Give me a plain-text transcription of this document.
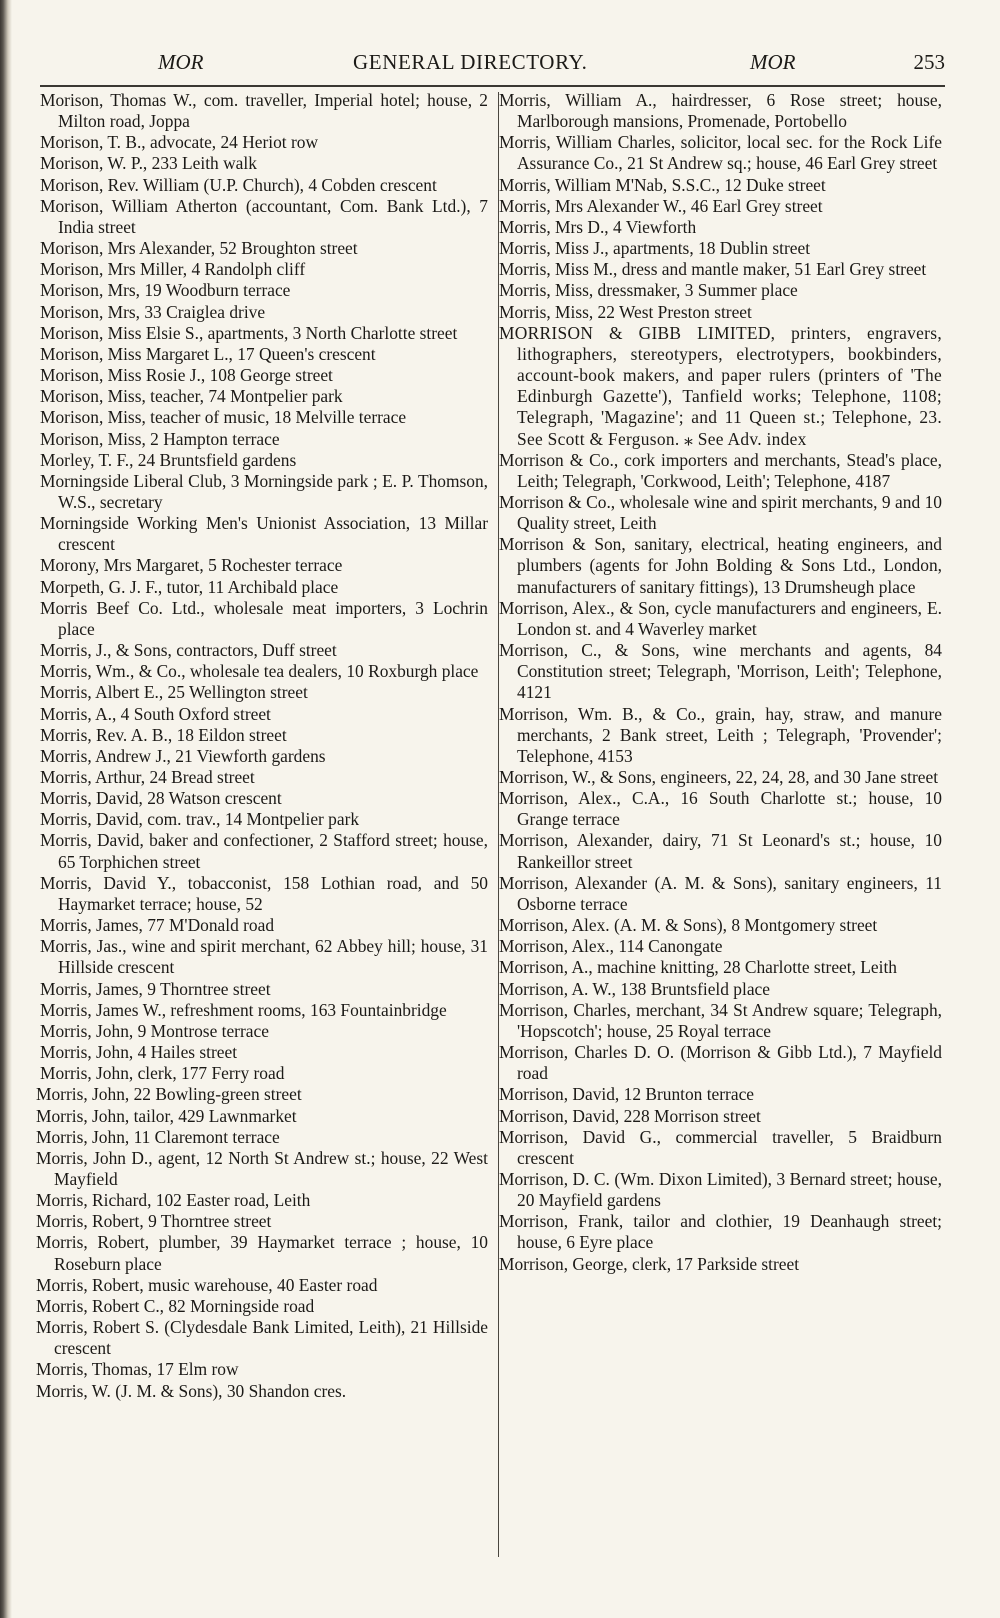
MOR	GENERAL DIRECTORY.	MOR	253

Morison, Thomas W., com. traveller, Imperial hotel; house, 2 Milton road, Joppa

Morison, T. B., advocate, 24 Heriot row

Morison, W. P., 233 Leith walk

Morison, Rev. William (U.P. Church), 4 Cobden crescent

Morison, William Atherton (accountant, Com. Bank Ltd.), 7 India street

Morison, Mrs Alexander, 52 Broughton street

Morison, Mrs Miller, 4 Randolph cliff

Morison, Mrs, 19 Woodburn terrace

Morison, Mrs, 33 Craiglea drive

Morison, Miss Elsie S., apartments, 3 North Charlotte street

Morison, Miss Margaret L., 17 Queen's crescent

Morison, Miss Rosie J., 108 George street

Morison, Miss, teacher, 74 Montpelier park

Morison, Miss, teacher of music, 18 Melville terrace

Morison, Miss, 2 Hampton terrace

Morley, T. F., 24 Bruntsfield gardens

Morningside Liberal Club, 3 Morningside park ; E. P. Thomson, W.S., secretary

Morningside Working Men's Unionist Association, 13 Millar crescent

Morony, Mrs Margaret, 5 Rochester terrace

Morpeth, G. J. F., tutor, 11 Archibald place

Morris Beef Co. Ltd., wholesale meat importers, 3 Lochrin place

Morris, J., & Sons, contractors, Duff street

Morris, Wm., & Co., wholesale tea dealers, 10 Roxburgh place

Morris, Albert E., 25 Wellington street

Morris, A., 4 South Oxford street

Morris, Rev. A. B., 18 Eildon street

Morris, Andrew J., 21 Viewforth gardens

Morris, Arthur, 24 Bread street

Morris, David, 28 Watson crescent

Morris, David, com. trav., 14 Montpelier park

Morris, David, baker and confectioner, 2 Stafford street; house, 65 Torphichen street

Morris, David Y., tobacconist, 158 Lothian road, and 50 Haymarket terrace; house, 52

Morris, James, 77 M'Donald road

Morris, Jas., wine and spirit merchant, 62 Abbey hill; house, 31 Hillside crescent

Morris, James, 9 Thorntree street

Morris, James W., refreshment rooms, 163 Fountainbridge

Morris, John, 9 Montrose terrace

Morris, John, 4 Hailes street

Morris, John, clerk, 177 Ferry road

Morris, John, 22 Bowling-green street

Morris, John, tailor, 429 Lawnmarket

Morris, John, 11 Claremont terrace

Morris, John D., agent, 12 North St Andrew st.; house, 22 West Mayfield

Morris, Richard, 102 Easter road, Leith

Morris, Robert, 9 Thorntree street

Morris, Robert, plumber, 39 Haymarket terrace ; house, 10 Roseburn place

Morris, Robert, music warehouse, 40 Easter road

Morris, Robert C., 82 Morningside road

Morris, Robert S. (Clydesdale Bank Limited, Leith), 21 Hillside crescent

Morris, Thomas, 17 Elm row

Morris, W. (J. M. & Sons), 30 Shandon cres.

Morris, William A., hairdresser, 6 Rose street; house, Marlborough mansions, Promenade, Portobello

Morris, William Charles, solicitor, local sec. for the Rock Life Assurance Co., 21 St Andrew sq.; house, 46 Earl Grey street

Morris, William M'Nab, S.S.C., 12 Duke street

Morris, Mrs Alexander W., 46 Earl Grey street

Morris, Mrs D., 4 Viewforth

Morris, Miss J., apartments, 18 Dublin street

Morris, Miss M., dress and mantle maker, 51 Earl Grey street

Morris, Miss, dressmaker, 3 Summer place

Morris, Miss, 22 West Preston street

MORRISON & GIBB LIMITED, printers, engravers, lithographers, stereotypers, electrotypers, bookbinders, account-book makers, and paper rulers (printers of 'The Edinburgh Gazette'), Tanfield works; Telephone, 1108; Telegraph, 'Magazine'; and 11 Queen st.; Telephone, 23. See Scott & Ferguson. ⁎ See Adv. index

Morrison & Co., cork importers and merchants, Stead's place, Leith; Telegraph, 'Corkwood, Leith'; Telephone, 4187

Morrison & Co., wholesale wine and spirit merchants, 9 and 10 Quality street, Leith

Morrison & Son, sanitary, electrical, heating engineers, and plumbers (agents for John Bolding & Sons Ltd., London, manufacturers of sanitary fittings), 13 Drumsheugh place

Morrison, Alex., & Son, cycle manufacturers and engineers, E. London st. and 4 Waverley market

Morrison, C., & Sons, wine merchants and agents, 84 Constitution street; Telegraph, 'Morrison, Leith'; Telephone, 4121

Morrison, Wm. B., & Co., grain, hay, straw, and manure merchants, 2 Bank street, Leith ; Telegraph, 'Provender'; Telephone, 4153

Morrison, W., & Sons, engineers, 22, 24, 28, and 30 Jane street

Morrison, Alex., C.A., 16 South Charlotte st.; house, 10 Grange terrace

Morrison, Alexander, dairy, 71 St Leonard's st.; house, 10 Rankeillor street

Morrison, Alexander (A. M. & Sons), sanitary engineers, 11 Osborne terrace

Morrison, Alex. (A. M. & Sons), 8 Montgomery street

Morrison, Alex., 114 Canongate

Morrison, A., machine knitting, 28 Charlotte street, Leith

Morrison, A. W., 138 Bruntsfield place

Morrison, Charles, merchant, 34 St Andrew square; Telegraph, 'Hopscotch'; house, 25 Royal terrace

Morrison, Charles D. O. (Morrison & Gibb Ltd.), 7 Mayfield road

Morrison, David, 12 Brunton terrace

Morrison, David, 228 Morrison street

Morrison, David G., commercial traveller, 5 Braidburn crescent

Morrison, D. C. (Wm. Dixon Limited), 3 Bernard street; house, 20 Mayfield gardens

Morrison, Frank, tailor and clothier, 19 Deanhaugh street; house, 6 Eyre place

Morrison, George, clerk, 17 Parkside street
